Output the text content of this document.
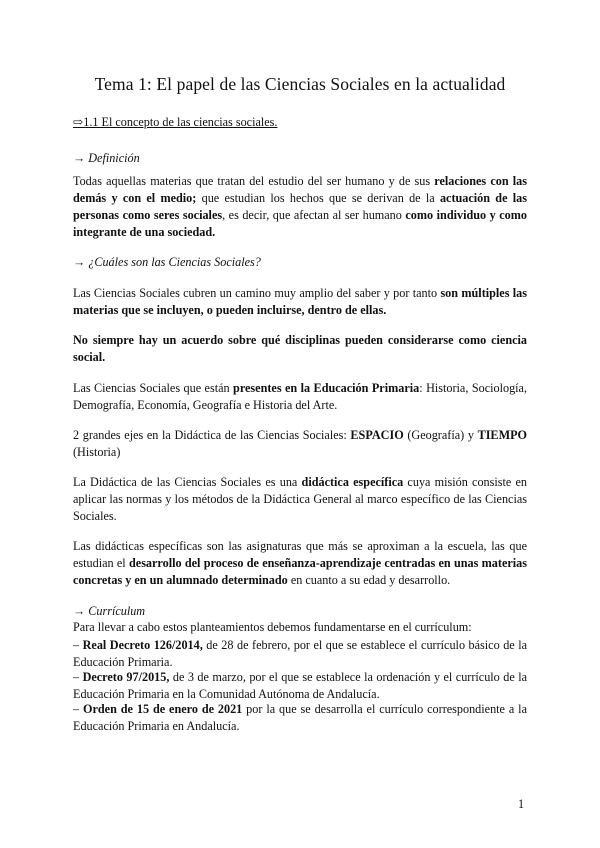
Tema 1: El papel de las Ciencias Sociales en la actualidad
⇨1.1 El concepto de las ciencias sociales.
→ Definición
Todas aquellas materias que tratan del estudio del ser humano y de sus relaciones con las demás y con el medio; que estudian los hechos que se derivan de la actuación de las personas como seres sociales, es decir, que afectan al ser humano como individuo y como integrante de una sociedad.
→ ¿Cuáles son las Ciencias Sociales?
Las Ciencias Sociales cubren un camino muy amplio del saber y por tanto son múltiples las materias que se incluyen, o pueden incluirse, dentro de ellas.
No siempre hay un acuerdo sobre qué disciplinas pueden considerarse como ciencia social.
Las Ciencias Sociales que están presentes en la Educación Primaria: Historia, Sociología, Demografía, Economía, Geografía e Historia del Arte.
2 grandes ejes en la Didáctica de las Ciencias Sociales: ESPACIO (Geografía) y TIEMPO (Historia)
La Didáctica de las Ciencias Sociales es una didáctica específica cuya misión consiste en aplicar las normas y los métodos de la Didáctica General al marco específico de las Ciencias Sociales.
Las didácticas específicas son las asignaturas que más se aproximan a la escuela, las que estudian el desarrollo del proceso de enseñanza-aprendizaje centradas en unas materias concretas y en un alumnado determinado en cuanto a su edad y desarrollo.
→ Currículum
Para llevar a cabo estos planteamientos debemos fundamentarse en el currículum:
– Real Decreto 126/2014, de 28 de febrero, por el que se establece el currículo básico de la Educación Primaria.
– Decreto 97/2015, de 3 de marzo, por el que se establece la ordenación y el currículo de la Educación Primaria en la Comunidad Autónoma de Andalucía.
– Orden de 15 de enero de 2021 por la que se desarrolla el currículo correspondiente a la Educación Primaria en Andalucía.
1
